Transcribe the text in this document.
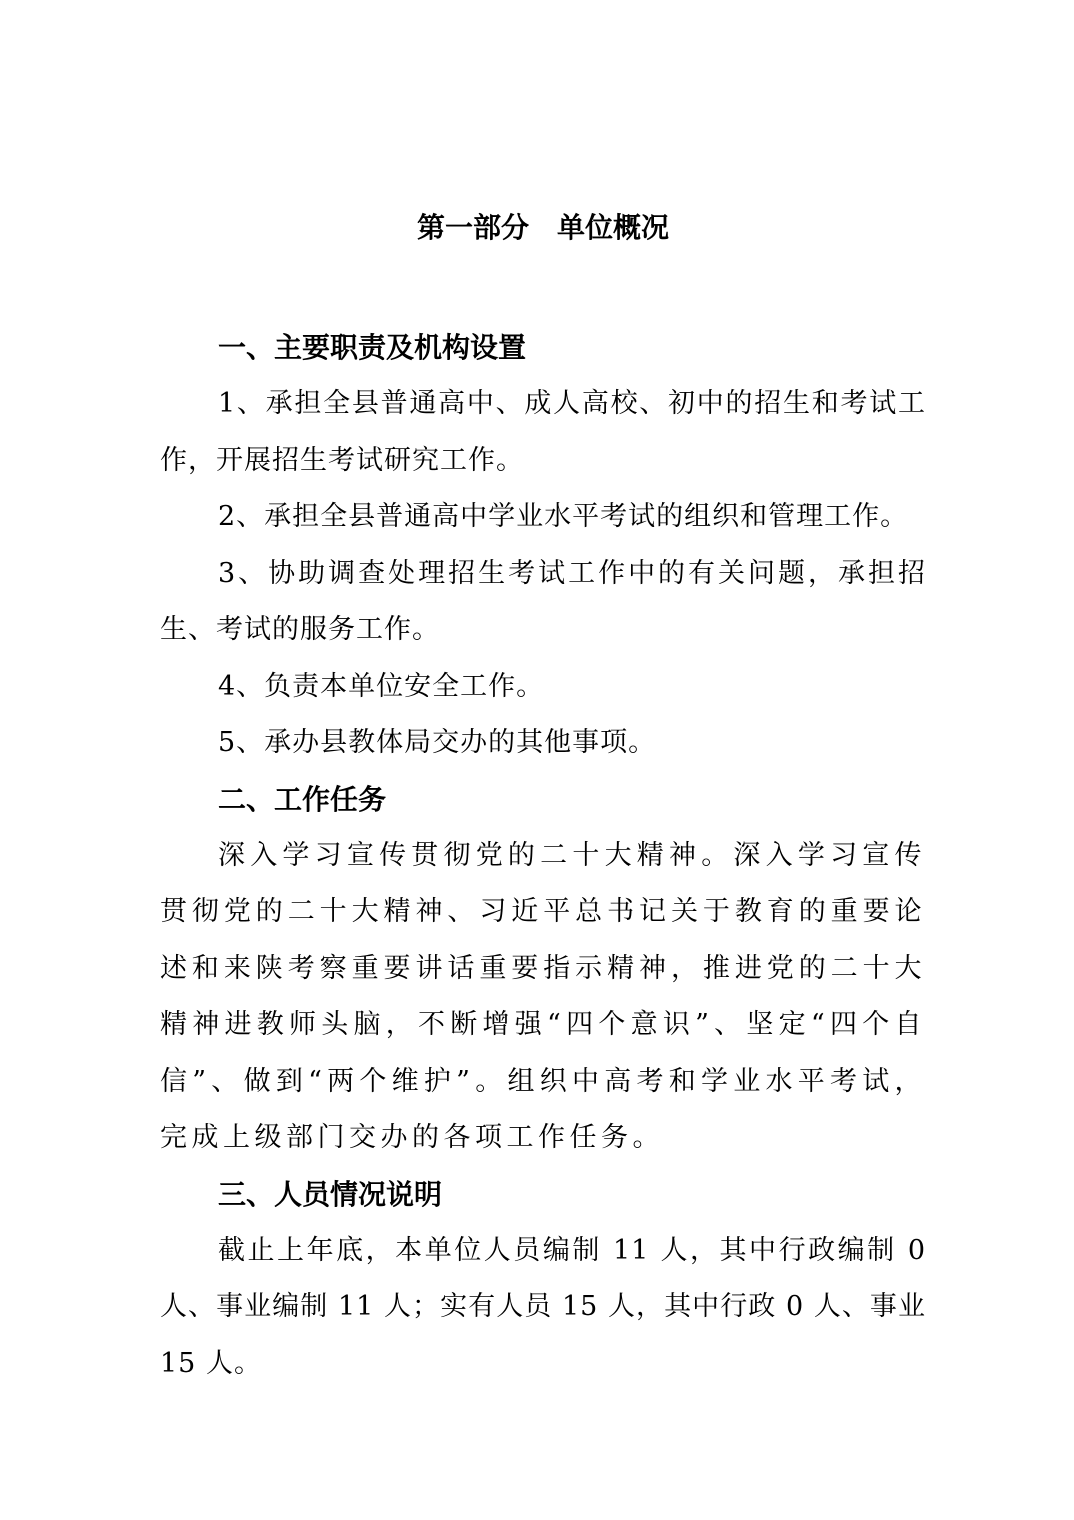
第一部分　单位概况
一、主要职责及机构设置

1、承担全县普通高中、成人高校、初中的招生和考试工作，开展招生考试研究工作。

2、承担全县普通高中学业水平考试的组织和管理工作。

3、协助调查处理招生考试工作中的有关问题，承担招生、考试的服务工作。

4、负责本单位安全工作。

5、承办县教体局交办的其他事项。

二、工作任务

深入学习宣传贯彻党的二十大精神。深入学习宣传贯彻党的二十大精神、习近平总书记关于教育的重要论述和来陕考察重要讲话重要指示精神，推进党的二十大精神进教师头脑，不断增强“四个意识”、坚定“四个自信”、做到“两个维护”。组织中高考和学业水平考试，完成上级部门交办的各项工作任务。

三、人员情况说明

截止上年底，本单位人员编制 11 人，其中行政编制 0 人、事业编制 11 人；实有人员 15 人，其中行政 0 人、事业 15 人。
